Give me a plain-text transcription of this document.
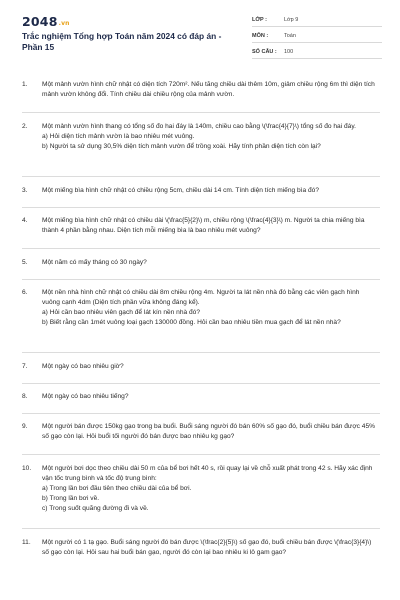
2048.vn
Trắc nghiệm Tổng hợp Toán năm 2024 có đáp án - Phần 15
LỚP :	Lớp 9
MÔN :	Toán
SỐ CÂU :	100
1.	Một mảnh vườn hình chữ nhật có diện tích 720m². Nếu tăng chiều dài thêm 10m, giảm chiều rộng 6m thì diện tích mảnh vườn không đổi. Tính chiều dài chiều rộng của mảnh vườn.
2.	Một mảnh vườn hình thang có tổng số đo hai đáy là 140m, chiều cao bằng \(\frac{4}{7}\) tổng số đo hai đáy.
a) Hỏi diện tích mảnh vườn là bao nhiêu mét vuông.
b) Người ta sử dụng 30,5% diện tích mảnh vườn để trồng xoài. Hãy tính phần diện tích còn lại?
3.	Một miếng bìa hình chữ nhật có chiều rộng 5cm, chiều dài 14 cm. Tính diện tích miếng bìa đó?
4.	Một miếng bìa hình chữ nhật có chiều dài \(\frac{5}{2}\) m, chiều rộng \(\frac{4}{3}\) m. Người ta chia miếng bìa thành 4 phần bằng nhau. Diện tích mỗi miếng bìa là bao nhiêu mét vuông?
5.	Một năm có mấy tháng có 30 ngày?
6.	Một nền nhà hình chữ nhật có chiều dài 8m chiều rộng 4m. Người ta lát nền nhà đó bằng các viên gạch hình vuông cạnh 4dm (Diện tích phần vữa không đáng kể).
a) Hỏi cần bao nhiêu viên gạch để lát kín nền nhà đó?
b) Biết rằng cần 1mét vuông loại gạch 130000 đồng. Hỏi cần bao nhiêu tiền mua gạch để lát nền nhà?
7.	Một ngày có bao nhiêu giờ?
8.	Một ngày có bao nhiêu tiếng?
9.	Một người bán được 150kg gạo trong ba buổi. Buổi sáng người đó bán 60% số gạo đó, buổi chiều bán được 45% số gạo còn lại. Hỏi buổi tối người đó bán được bao nhiêu kg gạo?
10.	Một người bơi dọc theo chiều dài 50 m của bể bơi hết 40 s, rồi quay lại về chỗ xuất phát trong 42 s. Hãy xác định vận tốc trung bình và tốc độ trung bình:
a) Trong lần bơi đầu tiên theo chiều dài của bể bơi.
b) Trong lần bơi về.
c) Trong suốt quãng đường đi và về.
11.	Một người có 1 tạ gạo. Buổi sáng người đó bán được \(\frac{2}{5}\) số gạo đó, buổi chiều bán được \(\frac{3}{4}\) số gạo còn lại. Hỏi sau hai buổi bán gạo, người đó còn lại bao nhiêu ki lô gam gạo?
